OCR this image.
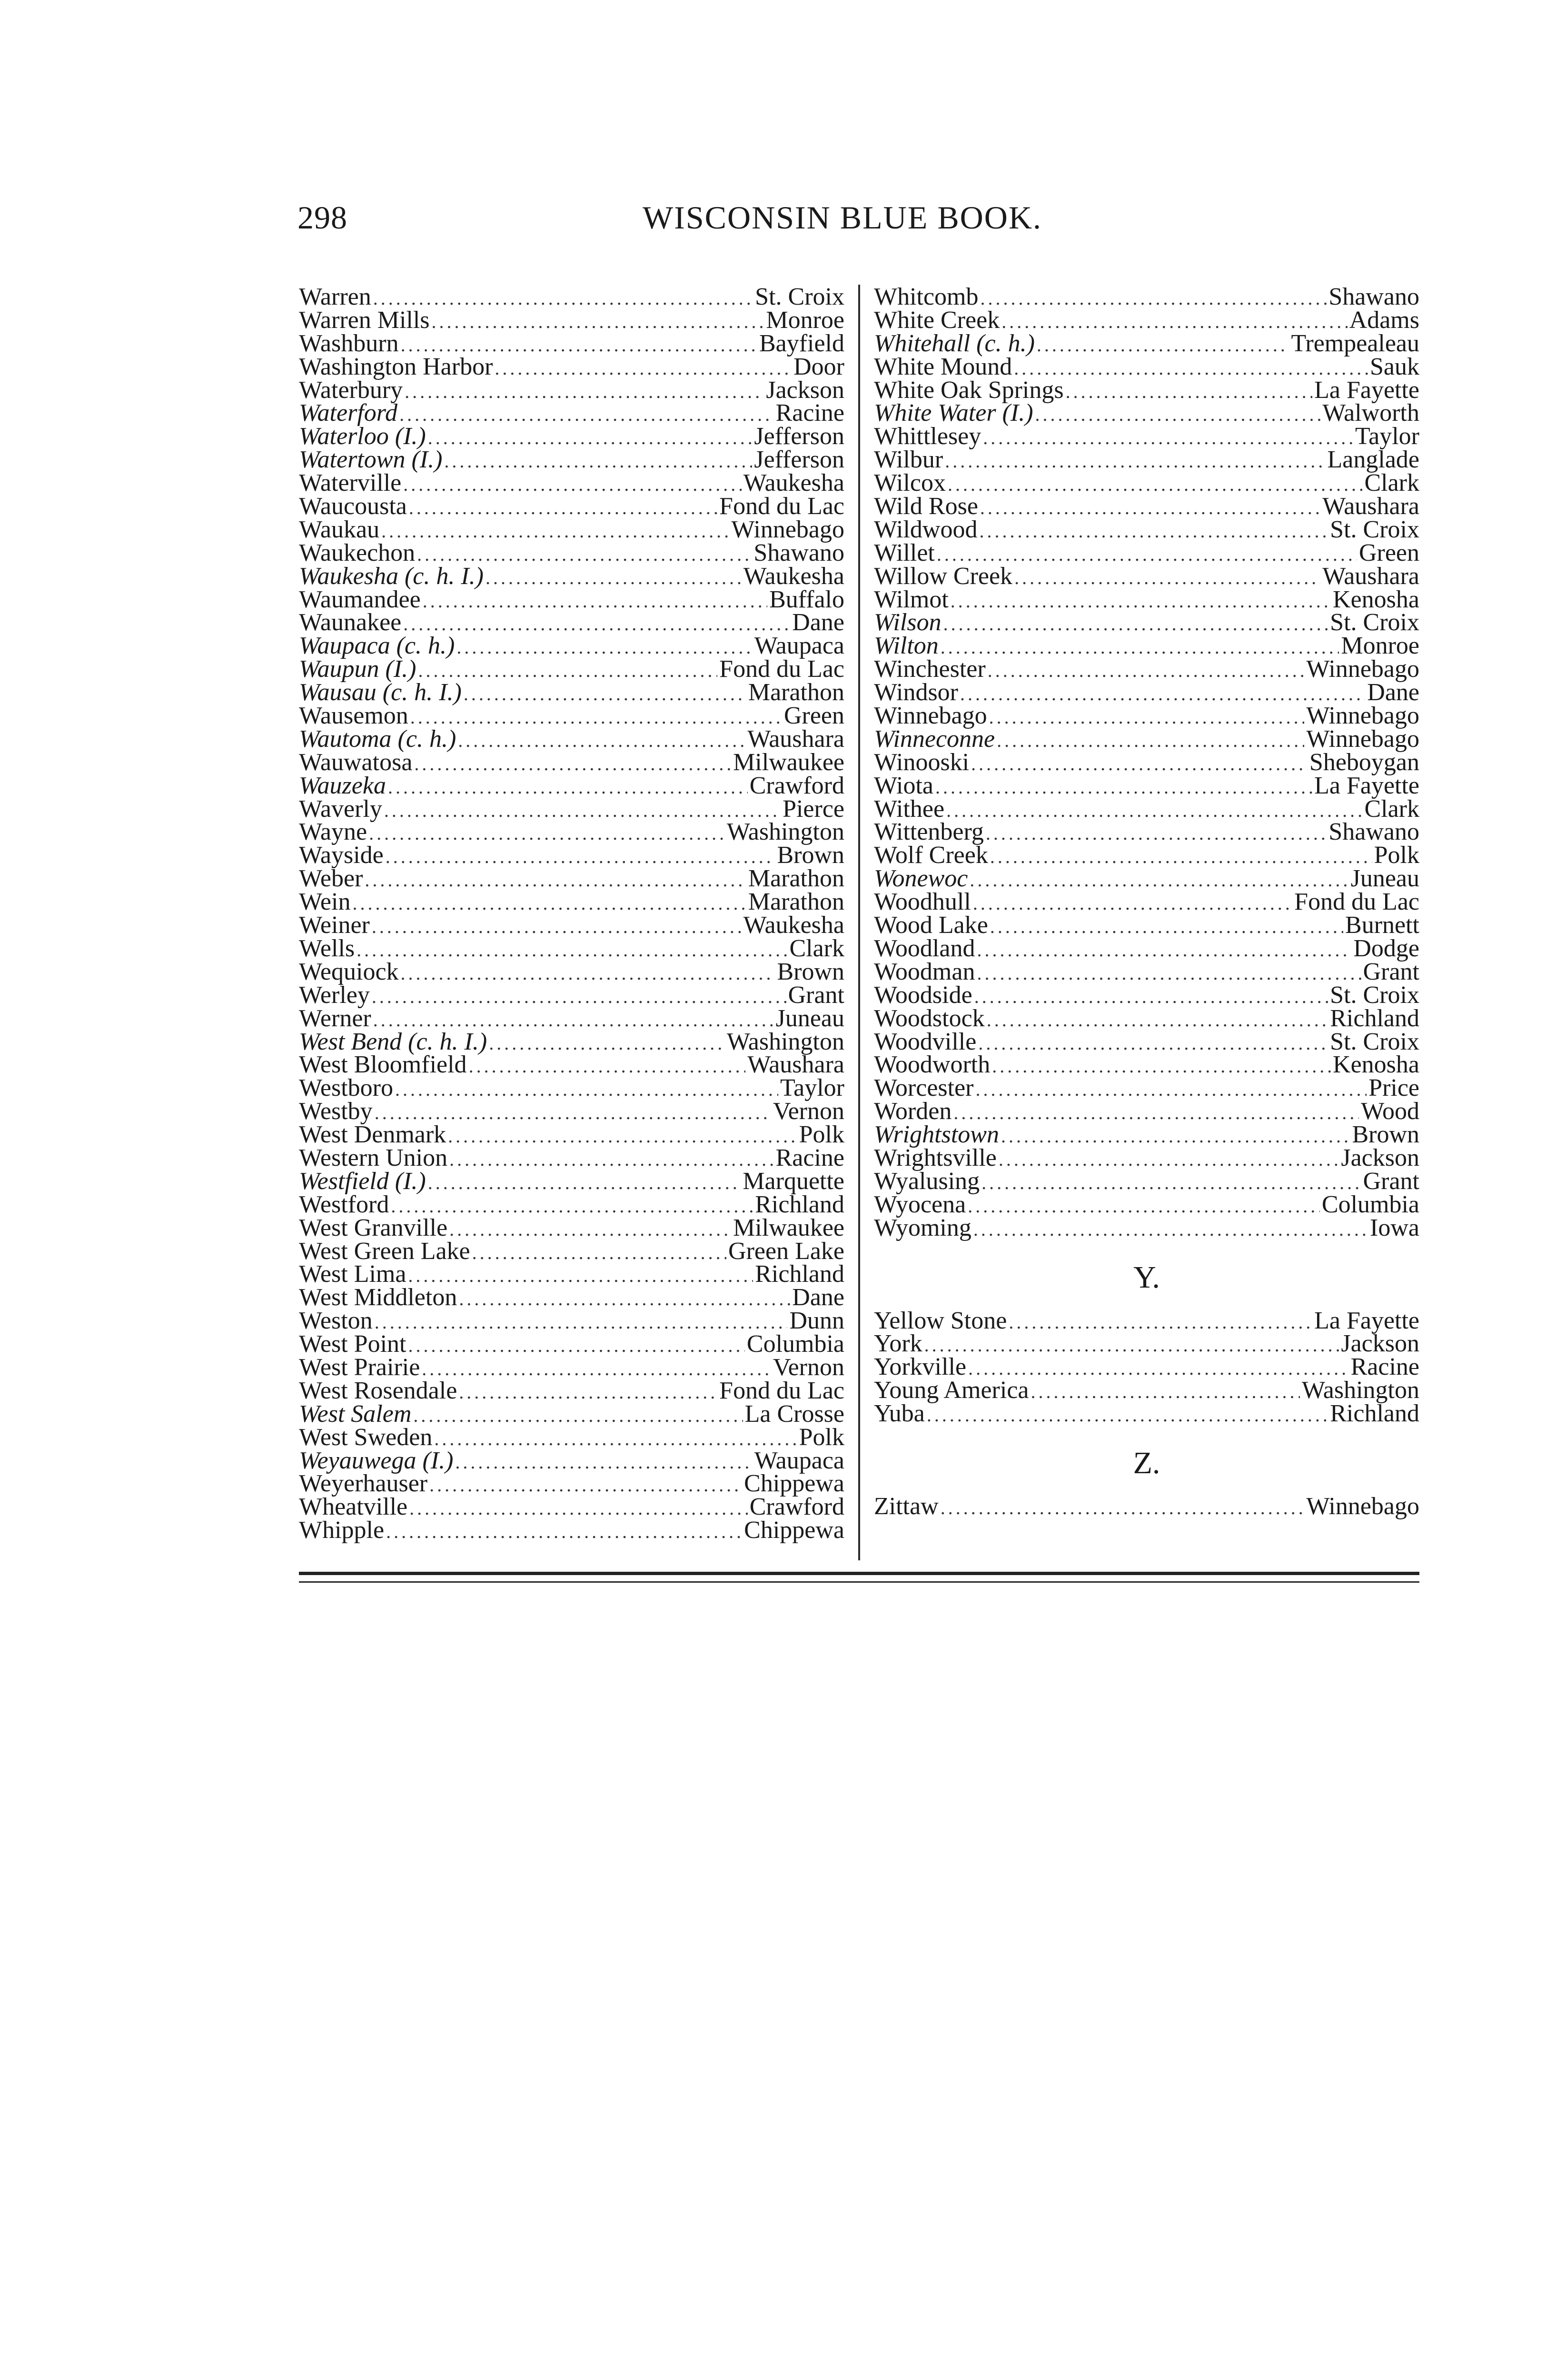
298	WISCONSIN BLUE BOOK.
Warren .....	St. Croix
Warren Mills .....	Monroe
Washburn .....	Bayfield
Washington Harbor .....	Door
Waterbury .....	Jackson
Waterford .....	Racine
Waterloo (I.) .....	Jefferson
Watertown (I.) .....	Jefferson
Waterville .....	Waukesha
Waucousta .....	Fond du Lac
Waukau .....	Winnebago
Waukechon .....	Shawano
Waukesha (c. h. I.) .....	Waukesha
Waumandee .....	Buffalo
Waunakee .....	Dane
Waupaca (c. h.) .....	Waupaca
Waupun (I.) .....	Fond du Lac
Wausau (c. h. I.) .....	Marathon
Wausemon .....	Green
Wautoma (c. h.) .....	Waushara
Wauwatosa .....	Milwaukee
Wauzeka .....	Crawford
Waverly .....	Pierce
Wayne .....	Washington
Wayside .....	Brown
Weber .....	Marathon
Wein .....	Marathon
Weiner .....	Waukesha
Wells .....	Clark
Wequiock .....	Brown
Werley .....	Grant
Werner .....	Juneau
West Bend (c. h. I.) .....	Washington
West Bloomfield .....	Waushara
Westboro .....	Taylor
Westby .....	Vernon
West Denmark .....	Polk
Western Union .....	Racine
Westfield (I.) .....	Marquette
Westford .....	Richland
West Granville .....	Milwaukee
West Green Lake .....	Green Lake
West Lima .....	Richland
West Middleton .....	Dane
Weston .....	Dunn
West Point .....	Columbia
West Prairie .....	Vernon
West Rosendale .....	Fond du Lac
West Salem .....	La Crosse
West Sweden .....	Polk
Weyauwega (I.) .....	Waupaca
Weyerhauser .....	Chippewa
Wheatville .....	Crawford
Whipple .....	Chippewa
Whitcomb .....	Shawano
White Creek .....	Adams
Whitehall (c. h.) .....	Trempealeau
White Mound .....	Sauk
White Oak Springs .....	La Fayette
White Water (I.) .....	Walworth
Whittlesey .....	Taylor
Wilbur .....	Langlade
Wilcox .....	Clark
Wild Rose .....	Waushara
Wildwood .....	St. Croix
Willet .....	Green
Willow Creek .....	Waushara
Wilmot .....	Kenosha
Wilson .....	St. Croix
Wilton .....	Monroe
Winchester .....	Winnebago
Windsor .....	Dane
Winnebago .....	Winnebago
Winneconne .....	Winnebago
Winooski .....	Sheboygan
Wiota .....	La Fayette
Withee .....	Clark
Wittenberg .....	Shawano
Wolf Creek .....	Polk
Wonewoc .....	Juneau
Woodhull .....	Fond du Lac
Wood Lake .....	Burnett
Woodland .....	Dodge
Woodman .....	Grant
Woodside .....	St. Croix
Woodstock .....	Richland
Woodville .....	St. Croix
Woodworth .....	Kenosha
Worcester .....	Price
Worden .....	Wood
Wrightstown .....	Brown
Wrightsville .....	Jackson
Wyalusing .....	Grant
Wyocena .....	Columbia
Wyoming .....	Iowa
Y.
Yellow Stone .....	La Fayette
York .....	Jackson
Yorkville .....	Racine
Young America .....	Washington
Yuba .....	Richland
Z.
Zittaw .....	Winnebago
